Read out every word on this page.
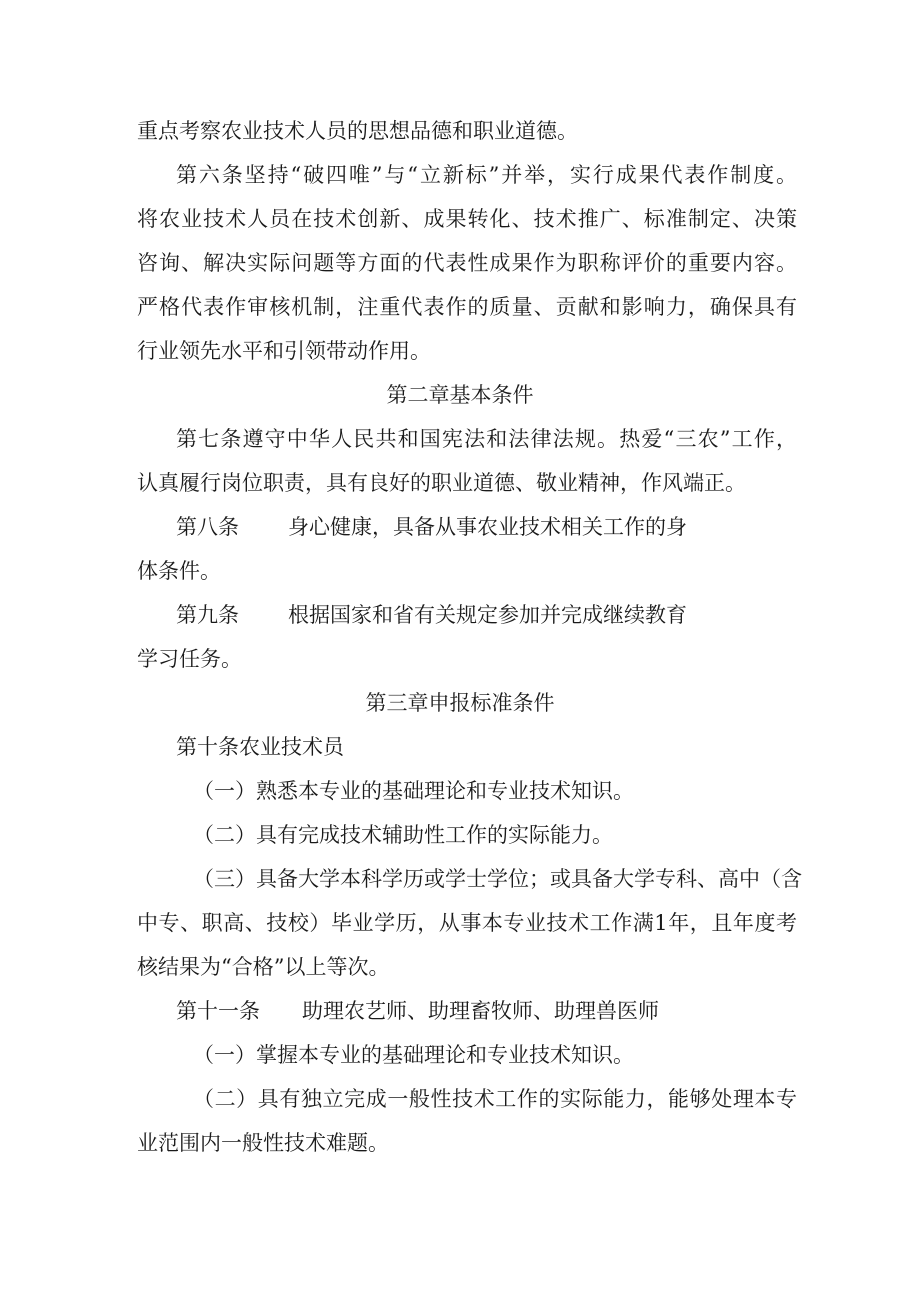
重点考察农业技术人员的思想品德和职业道德。
第六条坚持“破四唯”与“立新标”并举，实行成果代表作制度。
将农业技术人员在技术创新、成果转化、技术推广、标准制定、决策
咨询、解决实际问题等方面的代表性成果作为职称评价的重要内容。
严格代表作审核机制，注重代表作的质量、贡献和影响力，确保具有
行业领先水平和引领带动作用。
第二章基本条件
第七条遵守中华人民共和国宪法和法律法规。热爱“三农”工作，
认真履行岗位职责，具有良好的职业道德、敬业精神，作风端正。
第八条 身心健康，具备从事农业技术相关工作的身
体条件。
第九条 根据国家和省有关规定参加并完成继续教育
学习任务。
第三章申报标准条件
第十条农业技术员
（一）熟悉本专业的基础理论和专业技术知识。
（二）具有完成技术辅助性工作的实际能力。
（三）具备大学本科学历或学士学位；或具备大学专科、高中（含
中专、职高、技校）毕业学历，从事本专业技术工作满1年，且年度考
核结果为“合格”以上等次。
第十一条 助理农艺师、助理畜牧师、助理兽医师
（一）掌握本专业的基础理论和专业技术知识。
（二）具有独立完成一般性技术工作的实际能力，能够处理本专
业范围内一般性技术难题。
